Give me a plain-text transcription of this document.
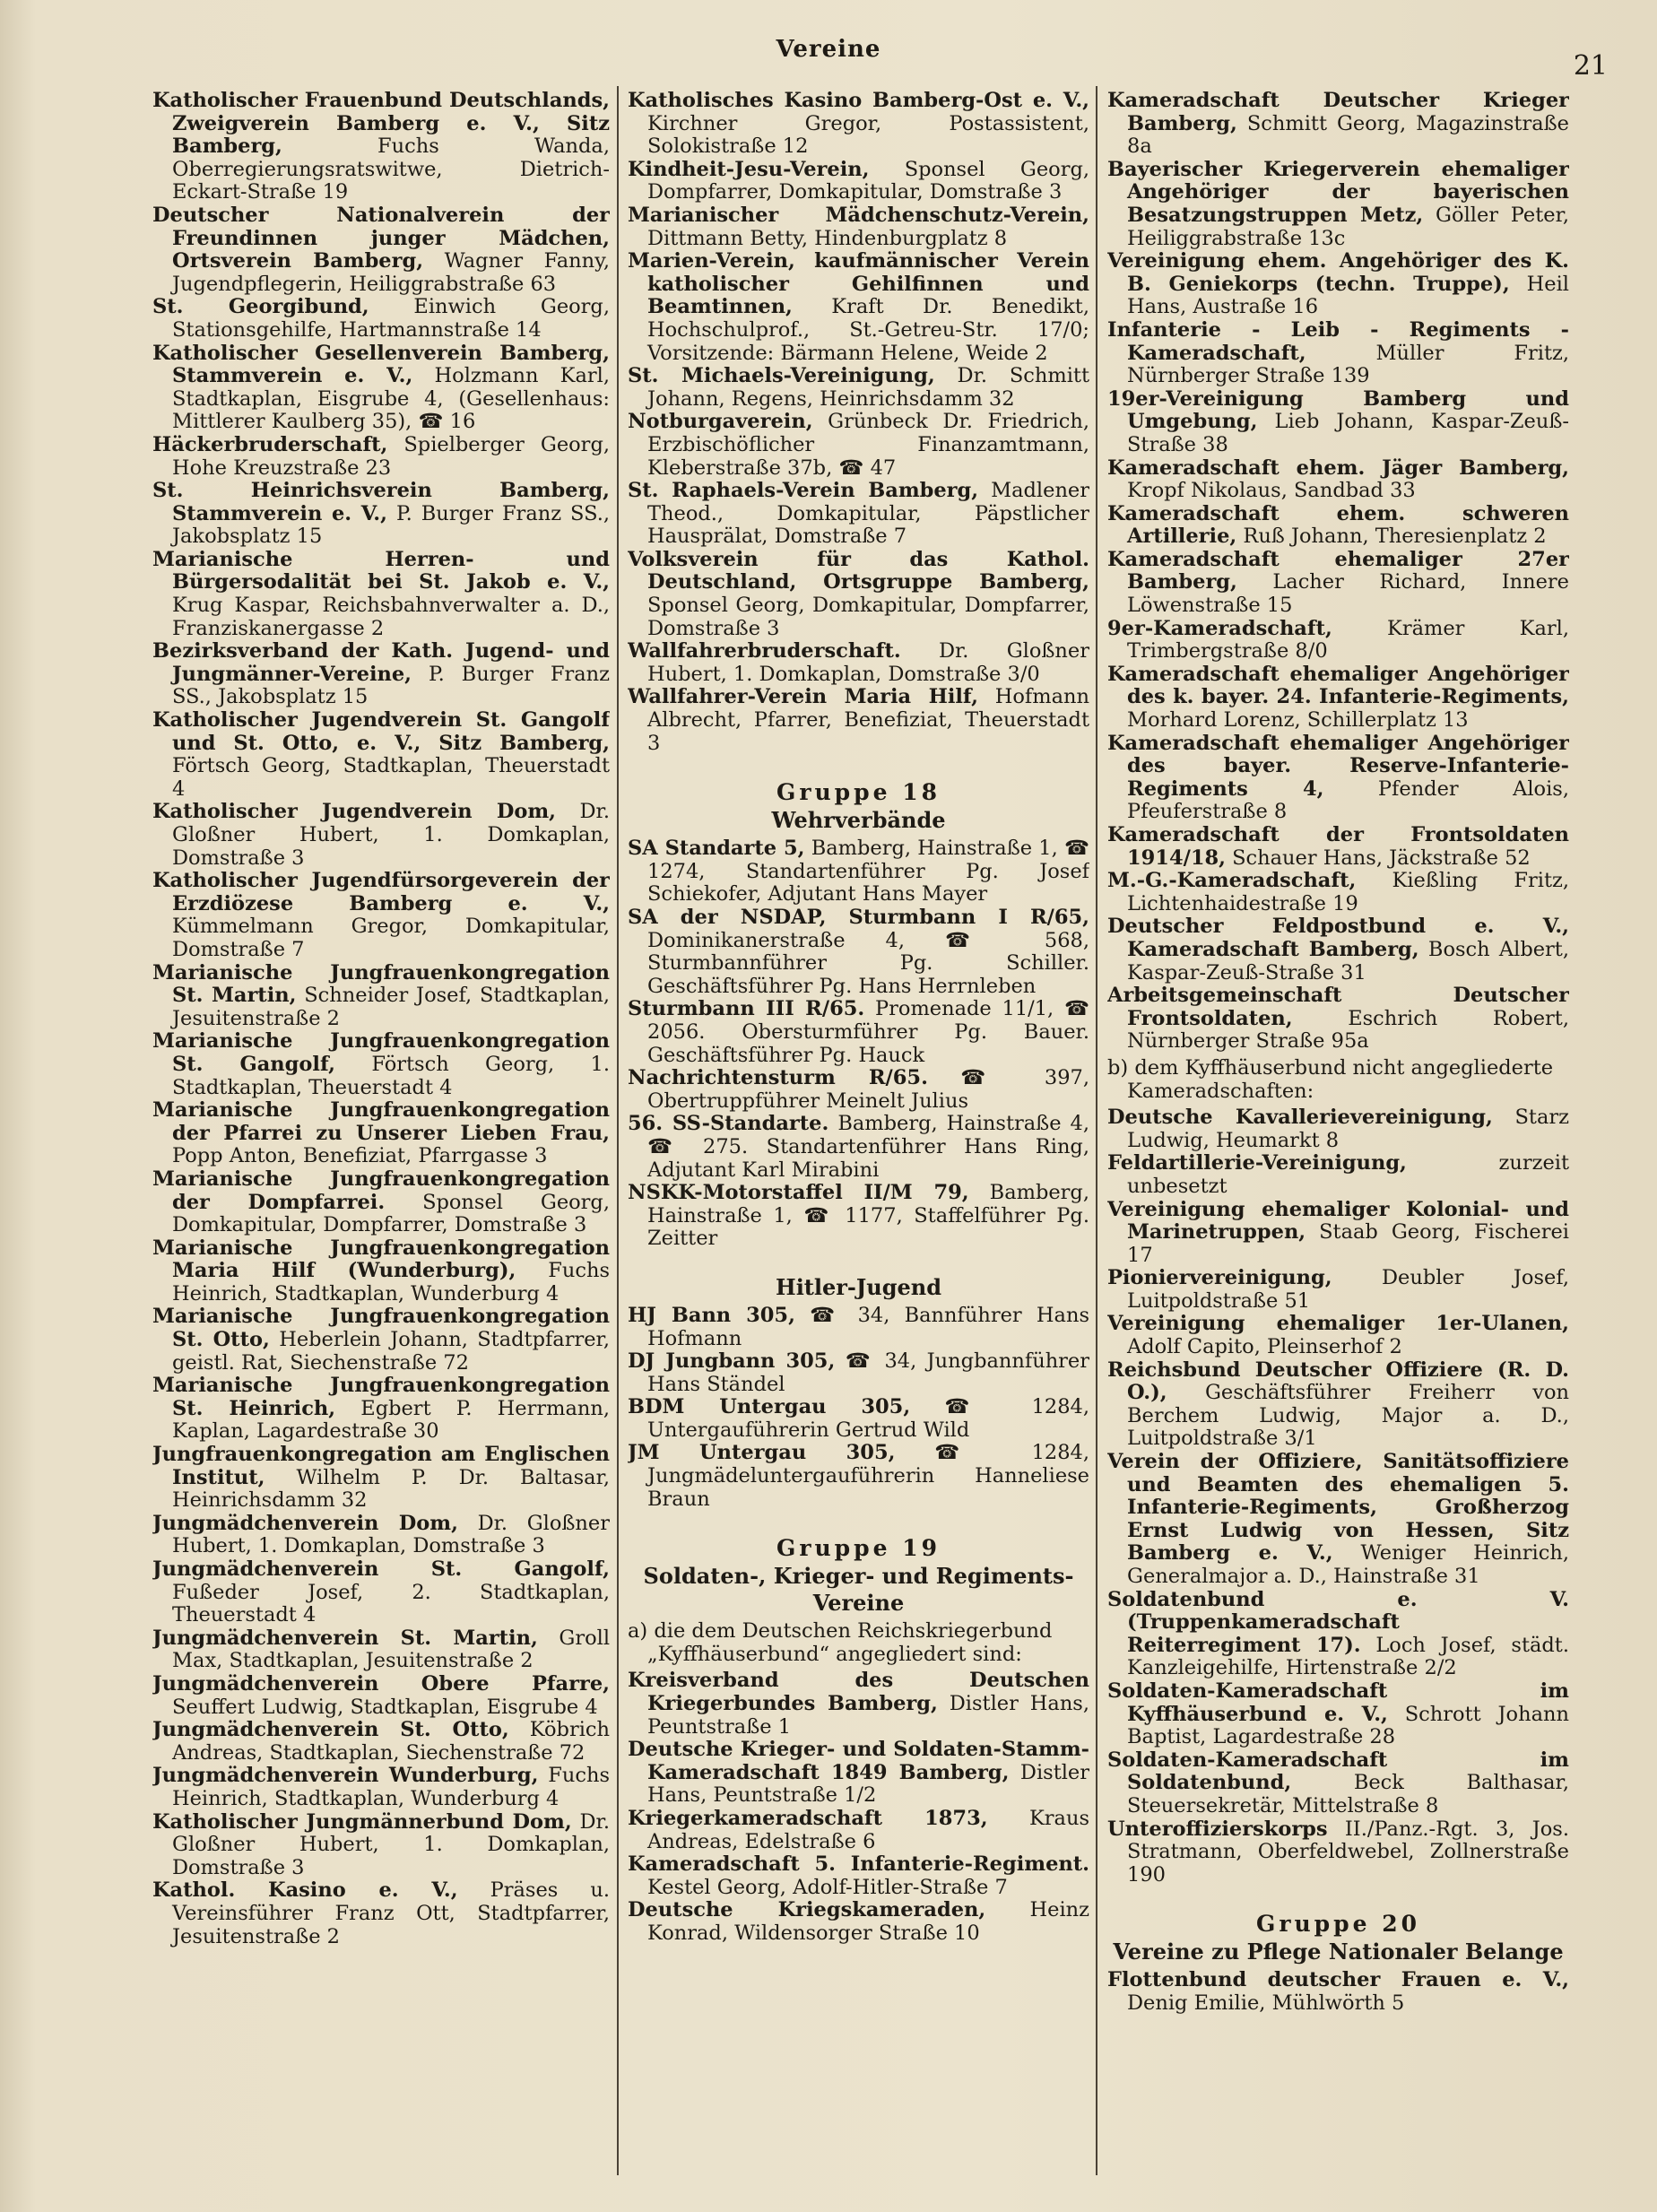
Vereine
21

Katholischer Frauenbund Deutschlands, Zweigverein Bamberg e. V., Sitz Bamberg,	Fuchs Wanda, Oberregierungsratswitwe, Dietrich-Eckart-Straße 19

Deutscher Nationalverein der Freundinnen junger Mädchen, Ortsverein Bamberg, Wagner Fanny, Jugendpflegerin, Heiliggrabstraße 63

St. Georgibund, Einwich Georg, Stationsgehilfe, Hartmannstraße 14

Katholischer Gesellenverein Bamberg, Stammverein e. V., Holzmann Karl, Stadtkaplan, Eisgrube 4, (Gesellenhaus: Mittlerer Kaulberg 35), ☎ 16

Häckerbruderschaft, Spielberger Georg, Hohe Kreuzstraße 23

St. Heinrichsverein Bamberg, Stammverein e. V., P. Burger Franz SS., Jakobsplatz 15

Marianische Herren- und Bürgersodalität bei St. Jakob e. V., Krug Kaspar, Reichsbahnverwalter a. D., Franziskanergasse 2

Bezirksverband der Kath. Jugend- und Jungmänner-Vereine, P. Burger Franz SS., Jakobsplatz 15

Katholischer Jugendverein St. Gangolf und St. Otto, e. V., Sitz Bamberg, Förtsch Georg, Stadtkaplan, Theuerstadt 4

Katholischer Jugendverein Dom, Dr. Gloßner Hubert, 1. Domkaplan, Domstraße 3

Katholischer Jugendfürsorgeverein der Erzdiözese Bamberg e. V., Kümmelmann Gregor, Domkapitular, Domstraße 7

Marianische Jungfrauenkongregation St. Martin, Schneider Josef, Stadtkaplan, Jesuitenstraße 2

Marianische Jungfrauenkongregation St. Gangolf, Förtsch Georg, 1. Stadtkaplan, Theuerstadt 4

Marianische Jungfrauenkongregation der Pfarrei zu Unserer Lieben Frau, Popp Anton, Benefiziat, Pfarrgasse 3

Marianische Jungfrauenkongregation der Dompfarrei. Sponsel Georg, Domkapitular, Dompfarrer, Domstraße 3

Marianische Jungfrauenkongregation Maria Hilf (Wunderburg), Fuchs Heinrich, Stadtkaplan, Wunderburg 4

Marianische Jungfrauenkongregation St. Otto, Heberlein Johann, Stadtpfarrer, geistl. Rat, Siechenstraße 72

Marianische Jungfrauenkongregation St. Heinrich, Egbert P. Herrmann, Kaplan, Lagardestraße 30

Jungfrauenkongregation am Englischen Institut, Wilhelm P. Dr. Baltasar, Heinrichsdamm 32

Jungmädchenverein Dom, Dr. Gloßner Hubert, 1. Domkaplan, Domstraße 3

Jungmädchenverein St. Gangolf, Fußeder Josef, 2. Stadtkaplan, Theuerstadt 4

Jungmädchenverein St. Martin, Groll Max, Stadtkaplan, Jesuitenstraße 2

Jungmädchenverein Obere Pfarre, Seuffert Ludwig, Stadtkaplan, Eisgrube 4

Jungmädchenverein St. Otto, Köbrich Andreas, Stadtkaplan, Siechenstraße 72

Jungmädchenverein Wunderburg, Fuchs Heinrich, Stadtkaplan, Wunderburg 4

Katholischer Jungmännerbund Dom, Dr. Gloßner Hubert, 1. Domkaplan, Domstraße 3

Kathol. Kasino e. V., Präses u. Vereinsführer Franz Ott, Stadtpfarrer, Jesuitenstraße 2

Katholisches Kasino Bamberg-Ost e. V., Kirchner Gregor, Postassistent, Solokistraße 12

Kindheit-Jesu-Verein, Sponsel Georg, Dompfarrer, Domkapitular, Domstraße 3

Marianischer Mädchenschutz-Verein, Dittmann Betty, Hindenburgplatz 8

Marien-Verein, kaufmännischer Verein katholischer Gehilfinnen und Beamtinnen, Kraft Dr. Benedikt, Hochschulprof., St.-Getreu-Str. 17/0; Vorsitzende: Bärmann Helene, Weide 2

St. Michaels-Vereinigung, Dr. Schmitt Johann, Regens, Heinrichsdamm 32

Notburgaverein, Grünbeck Dr. Friedrich, Erzbischöflicher Finanzamtmann, Kleberstraße 37b, ☎ 47

St. Raphaels-Verein Bamberg, Madlener Theod., Domkapitular, Päpstlicher Hausprälat, Domstraße 7

Volksverein für das Kathol. Deutschland, Ortsgruppe Bamberg, Sponsel Georg, Domkapitular, Dompfarrer, Domstraße 3

Wallfahrerbruderschaft. Dr. Gloßner Hubert, 1. Domkaplan, Domstraße 3/0

Wallfahrer-Verein Maria Hilf, Hofmann Albrecht, Pfarrer, Benefiziat, Theuerstadt 3

Gruppe 18

Wehrverbände

SA Standarte 5, Bamberg, Hainstraße 1, ☎ 1274, Standartenführer Pg. Josef Schiekofer, Adjutant Hans Mayer

SA der NSDAP, Sturmbann I R/65, Dominikanerstraße 4, ☎ 568, Sturmbannführer Pg. Schiller. Geschäftsführer Pg. Hans Herrnleben

Sturmbann III R/65. Promenade 11/1, ☎ 2056. Obersturmführer Pg. Bauer. Geschäftsführer Pg. Hauck

Nachrichtensturm R/65. ☎ 397, Obertruppführer Meinelt Julius

56. SS-Standarte. Bamberg, Hainstraße 4, ☎ 275. Standartenführer Hans Ring, Adjutant Karl Mirabini

NSKK-Motorstaffel II/M 79, Bamberg, Hainstraße 1, ☎ 1177, Staffelführer Pg. Zeitter

Hitler-Jugend

HJ Bann 305, ☎ 34, Bannführer Hans Hofmann

DJ Jungbann 305, ☎ 34, Jungbannführer Hans Ständel

BDM Untergau 305, ☎ 1284, Untergauführerin Gertrud Wild

JM Untergau 305, ☎ 1284, Jungmädeluntergauführerin Hanneliese Braun

Gruppe 19

Soldaten-, Krieger- und Regiments-Vereine

a) die dem Deutschen Reichskriegerbund „Kyffhäuserbund“ angegliedert sind:

Kreisverband des Deutschen Kriegerbundes Bamberg, Distler Hans, Peuntstraße 1

Deutsche Krieger- und Soldaten-Stamm-Kameradschaft 1849 Bamberg, Distler Hans, Peuntstraße 1/2

Kriegerkameradschaft 1873, Kraus Andreas, Edelstraße 6

Kameradschaft 5. Infanterie-Regiment. Kestel Georg, Adolf-Hitler-Straße 7

Deutsche Kriegskameraden, Heinz Konrad, Wildensorger Straße 10

Kameradschaft Deutscher Krieger Bamberg, Schmitt Georg, Magazinstraße 8a

Bayerischer Kriegerverein ehemaliger Angehöriger der bayerischen Besatzungstruppen Metz, Göller Peter, Heiliggrabstraße 13c

Vereinigung ehem. Angehöriger des K. B. Geniekorps (techn. Truppe), Heil Hans, Austraße 16

Infanterie - Leib - Regiments - Kameradschaft,	Müller Fritz, Nürnberger Straße 139

19er-Vereinigung Bamberg und Umgebung, Lieb Johann, Kaspar-Zeuß-Straße 38

Kameradschaft ehem. Jäger Bamberg, Kropf Nikolaus, Sandbad 33

Kameradschaft ehem. schweren Artillerie, Ruß Johann, Theresienplatz 2

Kameradschaft ehemaliger 27er Bamberg, Lacher Richard, Innere Löwenstraße 15

9er-Kameradschaft,	Krämer Karl, Trimbergstraße 8/0

Kameradschaft ehemaliger Angehöriger des k. bayer. 24. Infanterie-Regiments, Morhard Lorenz, Schillerplatz 13

Kameradschaft ehemaliger Angehöriger des bayer. Reserve-Infanterie-Regiments 4,	Pfender Alois, Pfeuferstraße 8

Kameradschaft der Frontsoldaten 1914/18, Schauer Hans, Jäckstraße 52

M.-G.-Kameradschaft, Kießling Fritz, Lichtenhaidestraße 19

Deutscher Feldpostbund e. V., Kameradschaft Bamberg, Bosch Albert, Kaspar-Zeuß-Straße 31

Arbeitsgemeinschaft Deutscher Frontsoldaten,	Eschrich Robert, Nürnberger Straße 95a

b) dem Kyffhäuserbund nicht angegliederte Kameradschaften:

Deutsche Kavallerievereinigung, Starz Ludwig, Heumarkt 8

Feldartillerie-Vereinigung,	zurzeit unbesetzt

Vereinigung ehemaliger Kolonial- und Marinetruppen, Staab Georg, Fischerei 17

Pioniervereinigung, Deubler Josef, Luitpoldstraße 51

Vereinigung ehemaliger 1er-Ulanen, Adolf Capito, Pleinserhof 2

Reichsbund Deutscher Offiziere (R. D. O.), Geschäftsführer Freiherr von Berchem Ludwig, Major a. D., Luitpoldstraße 3/1

Verein der Offiziere, Sanitätsoffiziere und Beamten des ehemaligen 5. Infanterie-Regiments, Großherzog Ernst Ludwig von Hessen, Sitz Bamberg e. V., Weniger Heinrich, Generalmajor a. D., Hainstraße 31

Soldatenbund e. V. (Truppenkameradschaft Reiterregiment 17). Loch Josef, städt. Kanzleigehilfe, Hirtenstraße 2/2

Soldaten-Kameradschaft im Kyffhäuserbund e. V., Schrott Johann Baptist, Lagardestraße 28

Soldaten-Kameradschaft im Soldatenbund,	Beck Balthasar, Steuersekretär, Mittelstraße 8

Unteroffizierskorps II./Panz.-Rgt. 3, Jos. Stratmann, Oberfeldwebel, Zollnerstraße 190

Gruppe 20

Vereine zu Pflege Nationaler Belange

Flottenbund deutscher Frauen e. V., Denig Emilie, Mühlwörth 5
